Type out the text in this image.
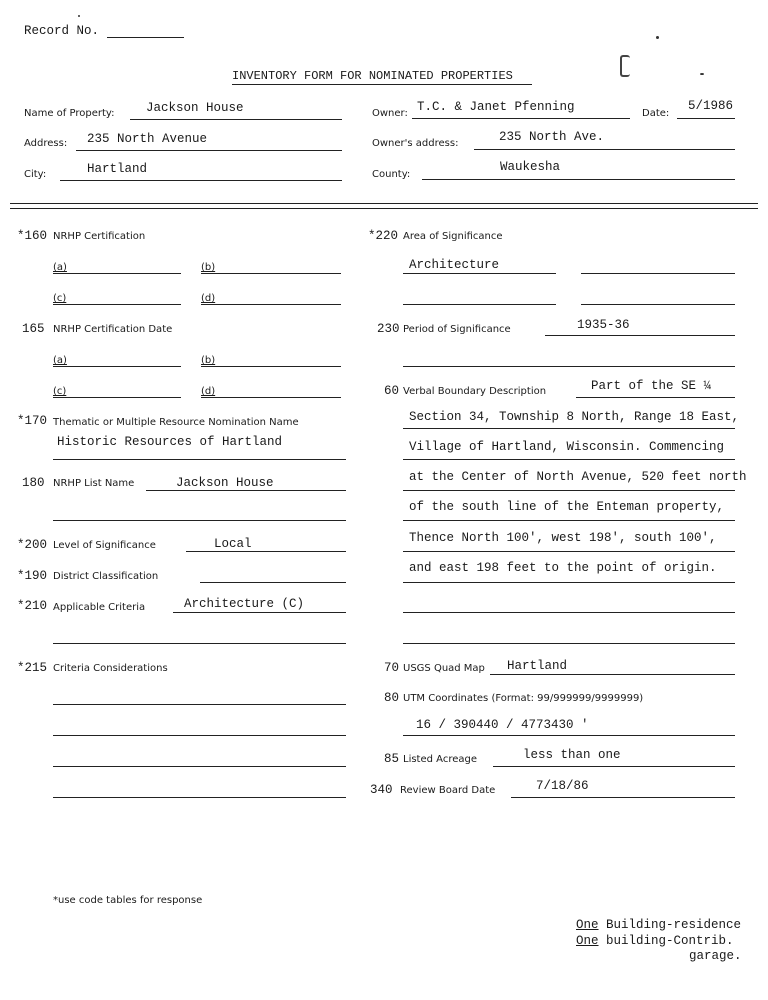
Record No.
INVENTORY FORM FOR NOMINATED PROPERTIES
Name of Property:	Jackson House	Owner: T.C. & Janet Pfenning	Date:
5/1986
Address: 235 North Avenue	Owner's address:	235 North Ave.
City:	Hartland	County:
Waukesha
*160 NRHP Certification
(a)	(b)
(c)	(d)
165 NRHP Certification Date
(a)	(b)
(c)	(d)
*170 Thematic or Multiple Resource Nomination Name
Historic Resources of Hartland
180 NRHP List Name	Jackson House
*200 Level of Significance	Local
*190 District Classification
*210 Applicable Criteria	Architecture (C)
*215 Criteria Considerations
*220 Area of Significance
Architecture
230 Period of Significance	1935-36
60 Verbal Boundary Description	Part of the SE ¼
Section 34, Township 8 North, Range 18 East,
Village of Hartland, Wisconsin. Commencing
at the Center of North Avenue, 520 feet north
of the south line of the Enteman property,
Thence North 100', west 198', south 100',
and east 198 feet to the point of origin.
70 USGS Quad Map Hartland
80 UTM Coordinates (Format: 99/999999/9999999)
16 / 390440 / 4773430 '
85 Listed Acreage	less than one
340 Review Board Date	7/18/86
*use code tables for response
One Building-residence
One building-Contrib.
garage.
